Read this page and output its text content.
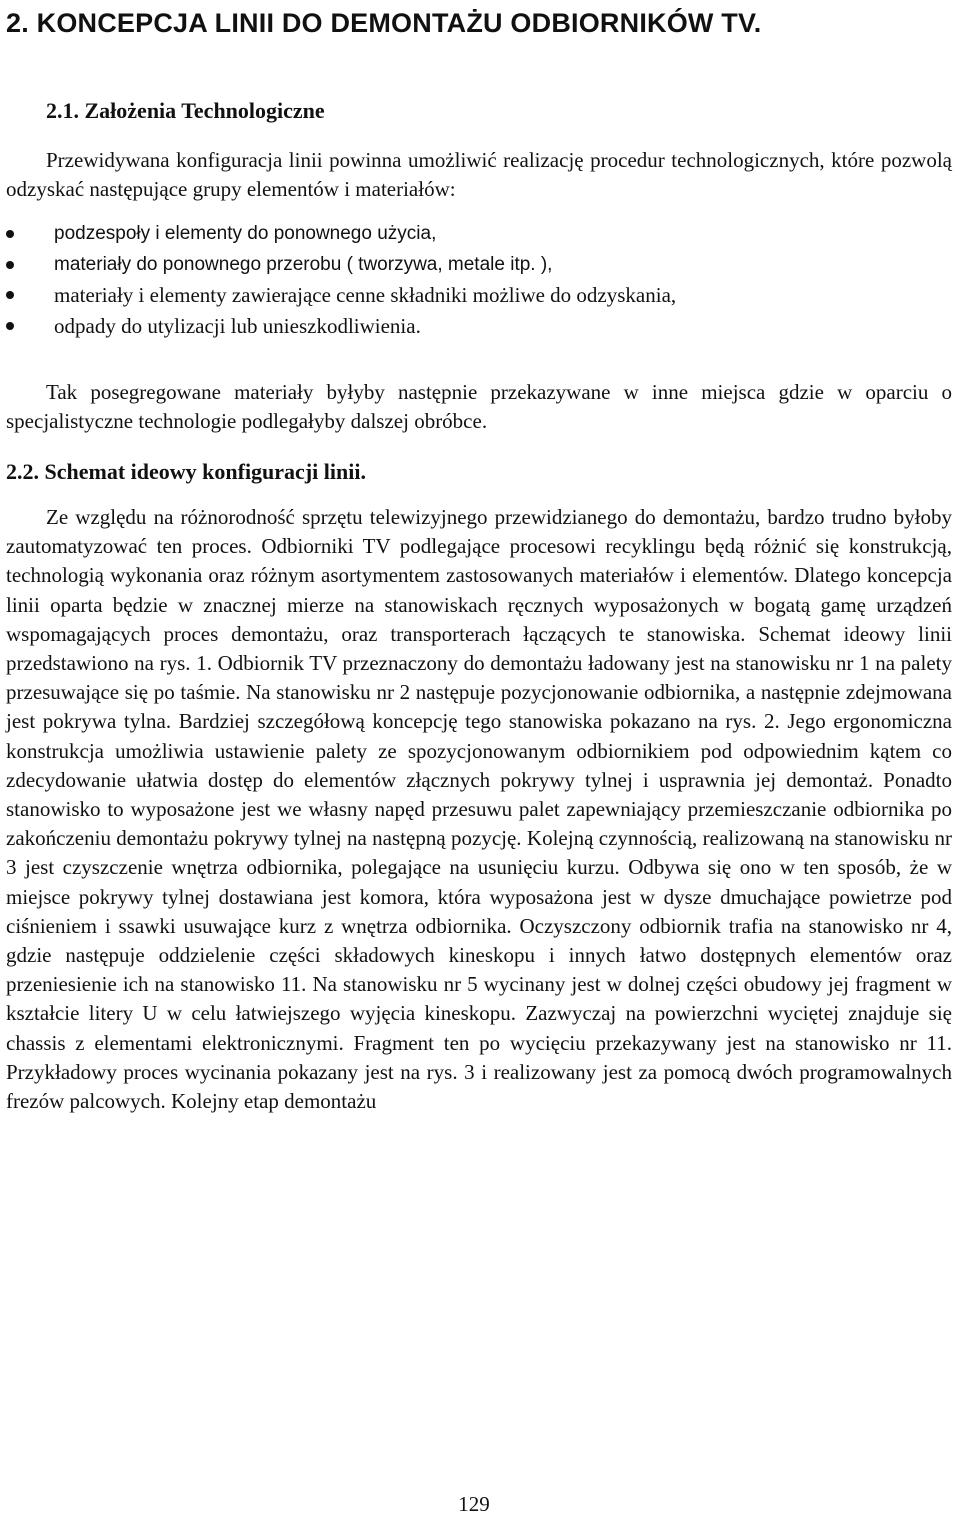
2. KONCEPCJA LINII DO DEMONTAŻU ODBIORNIKÓW TV.
2.1. Założenia Technologiczne

Przewidywana konfiguracja linii powinna umożliwić realizację procedur technologicznych, które pozwolą odzyskać następujące grupy elementów i materiałów:

podzespoły i elementy do ponownego użycia,
materiały do ponownego przerobu ( tworzywa, metale itp. ),
materiały i elementy zawierające cenne składniki możliwe do odzyskania,
odpady do utylizacji lub unieszkodliwienia.

Tak posegregowane materiały byłyby następnie przekazywane w inne miejsca gdzie w oparciu o specjalistyczne technologie podlegałyby dalszej obróbce.

2.2. Schemat ideowy konfiguracji linii.

Ze względu na różnorodność sprzętu telewizyjnego przewidzianego do demontażu, bardzo trudno byłoby zautomatyzować ten proces. Odbiorniki TV podlegające procesowi recyklingu będą różnić się konstrukcją, technologią wykonania oraz różnym asortymentem zastosowanych materiałów i elementów. Dlatego koncepcja linii oparta będzie w znacznej mierze na stanowiskach ręcznych wyposażonych w bogatą gamę urządzeń wspomagających proces demontażu, oraz transporterach łączących te stanowiska. Schemat ideowy linii przedstawiono na rys. 1. Odbiornik TV przeznaczony do demontażu ładowany jest na stanowisku nr 1 na palety przesuwające się po taśmie. Na stanowisku nr 2 następuje pozycjonowanie odbiornika, a następnie zdejmowana jest pokrywa tylna. Bardziej szczegółową koncepcję tego stanowiska pokazano na rys. 2. Jego ergonomiczna konstrukcja umożliwia ustawienie palety ze spozycjonowanym odbiornikiem pod odpowiednim kątem co zdecydowanie ułatwia dostęp do elementów złącznych pokrywy tylnej i usprawnia jej demontaż. Ponadto stanowisko to wyposażone jest we własny napęd przesuwu palet zapewniający przemieszczanie odbiornika po zakończeniu demontażu pokrywy tylnej na następną pozycję. Kolejną czynnością, realizowaną na stanowisku nr 3 jest czyszczenie wnętrza odbiornika, polegające na usunięciu kurzu. Odbywa się ono w ten sposób, że w miejsce pokrywy tylnej dostawiana jest komora, która wyposażona jest w dysze dmuchające powietrze pod ciśnieniem i ssawki usuwające kurz z wnętrza odbiornika. Oczyszczony odbiornik trafia na stanowisko nr 4, gdzie następuje oddzielenie części składowych kineskopu i innych łatwo dostępnych elementów oraz przeniesienie ich na stanowisko 11. Na stanowisku nr 5 wycinany jest w dolnej części obudowy jej fragment w kształcie litery U w celu łatwiejszego wyjęcia kineskopu. Zazwyczaj na powierzchni wyciętej znajduje się chassis z elementami elektronicznymi. Fragment ten po wycięciu przekazywany jest na stanowisko nr 11. Przykładowy proces wycinania pokazany jest na rys. 3 i realizowany jest za pomocą dwóch programowalnych frezów palcowych. Kolejny etap demontażu

129
